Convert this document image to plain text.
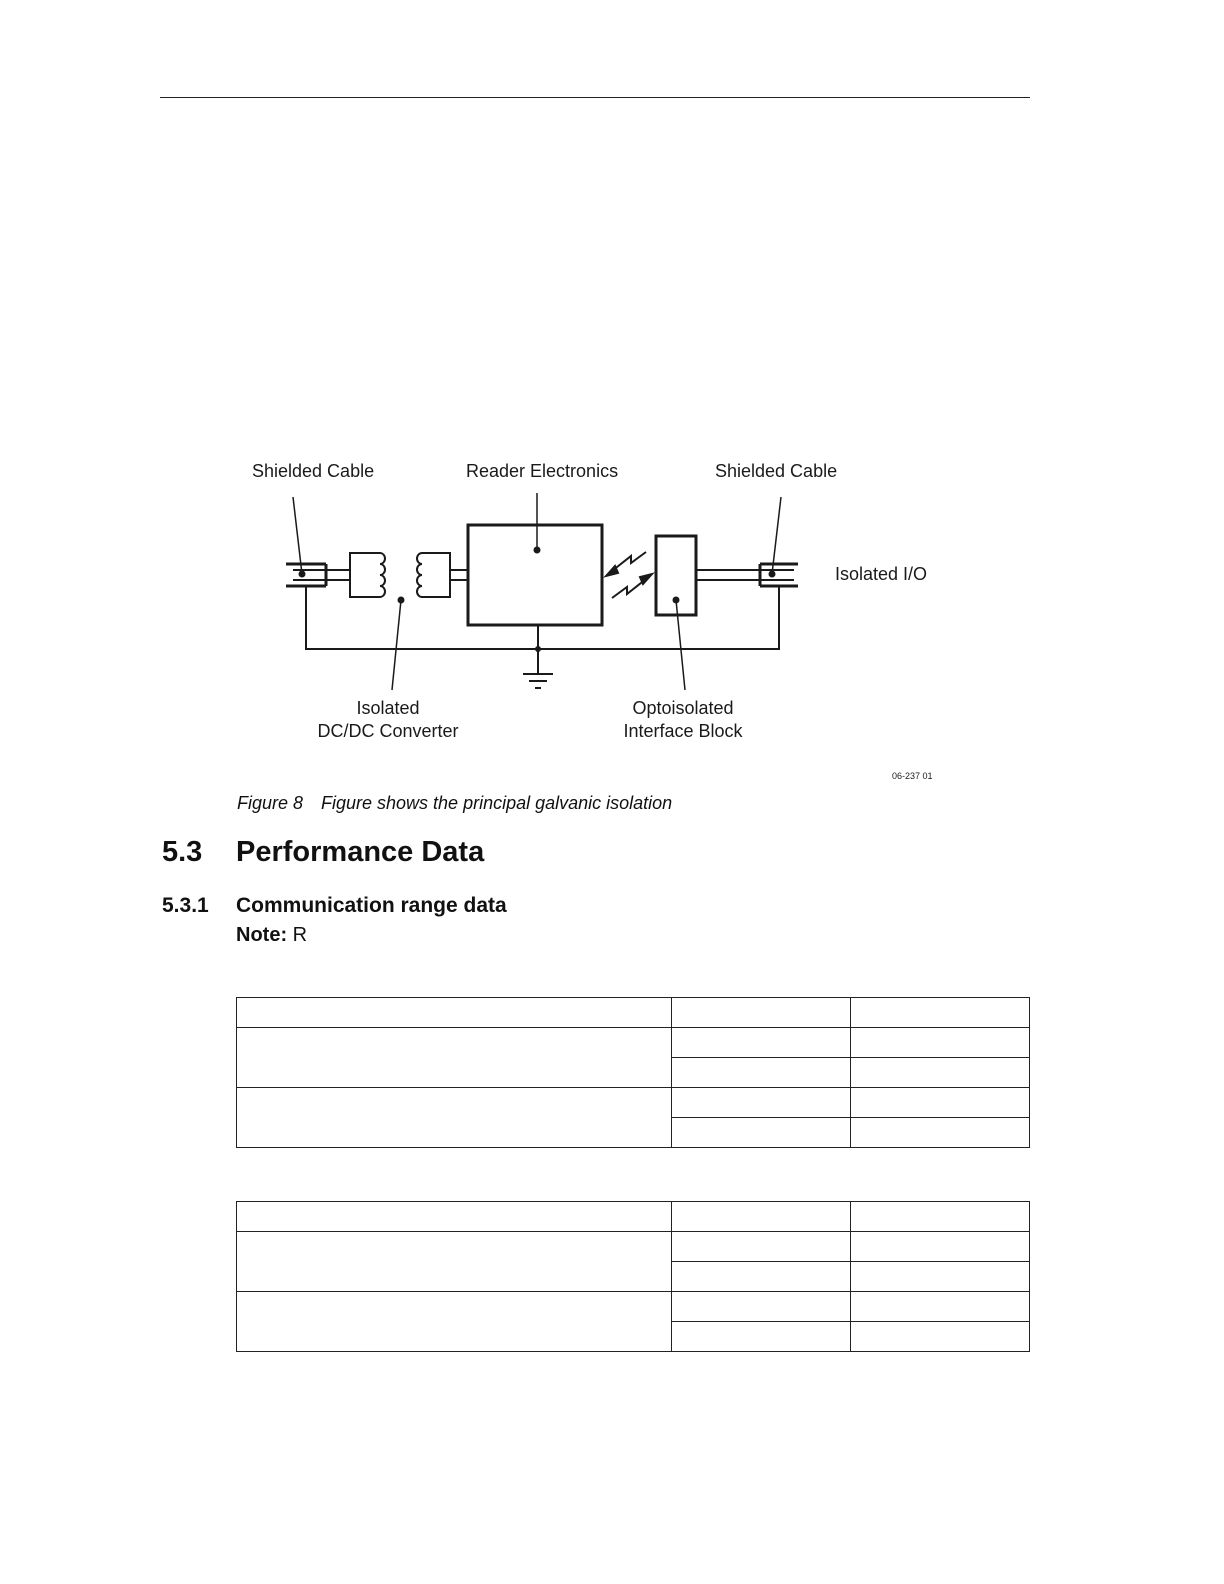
Shielded Cable	Reader Electronics	Shielded Cable
Isolated I/O
Isolated
DC/DC Converter
Optoisolated
Interface Block
06-237 01
Figure 8 Figure shows the principal galvanic isolation
5.3 Performance Data
5.3.1 Communication range data
Note: R
